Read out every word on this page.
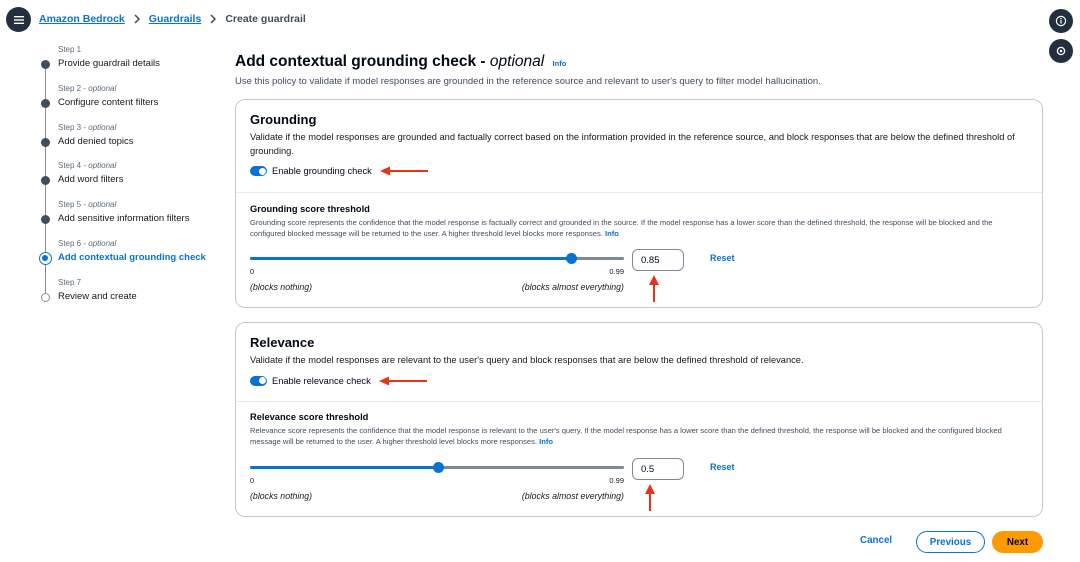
Amazon Bedrock Guardrails Create guardrail
Step 1
Provide guardrail details
Step 2 - optional
Configure content filters
Step 3 - optional
Add denied topics
Step 4 - optional
Add word filters
Step 5 - optional
Add sensitive information filters
Step 6 - optional
Add contextual grounding check
Step 7
Review and create
Add contextual grounding check - optional Info
Use this policy to validate if model responses are grounded in the reference source and relevant to user's query to filter model hallucination.
Grounding
Validate if the model responses are grounded and factually correct based on the information provided in the reference source, and block responses that are below the defined threshold of grounding.
Enable grounding check
Grounding score threshold
Grounding score represents the confidence that the model response is factually correct and grounded in the source. If the model response has a lower score than the defined threshold, the response will be blocked and the configured blocked message will be returned to the user. A higher threshold level blocks more responses. Info
0	0.99
(blocks nothing)	(blocks almost everything)
0.85	Reset
Relevance
Validate if the model responses are relevant to the user's query and block responses that are below the defined threshold of relevance.
Enable relevance check
Relevance score threshold
Relevance score represents the confidence that the model response is relevant to the user's query. If the model response has a lower score than the defined threshold, the response will be blocked and the configured blocked message will be returned to the user. A higher threshold level blocks more responses. Info
0	0.99
(blocks nothing)	(blocks almost everything)
0.5	Reset
Cancel	Previous	Next
